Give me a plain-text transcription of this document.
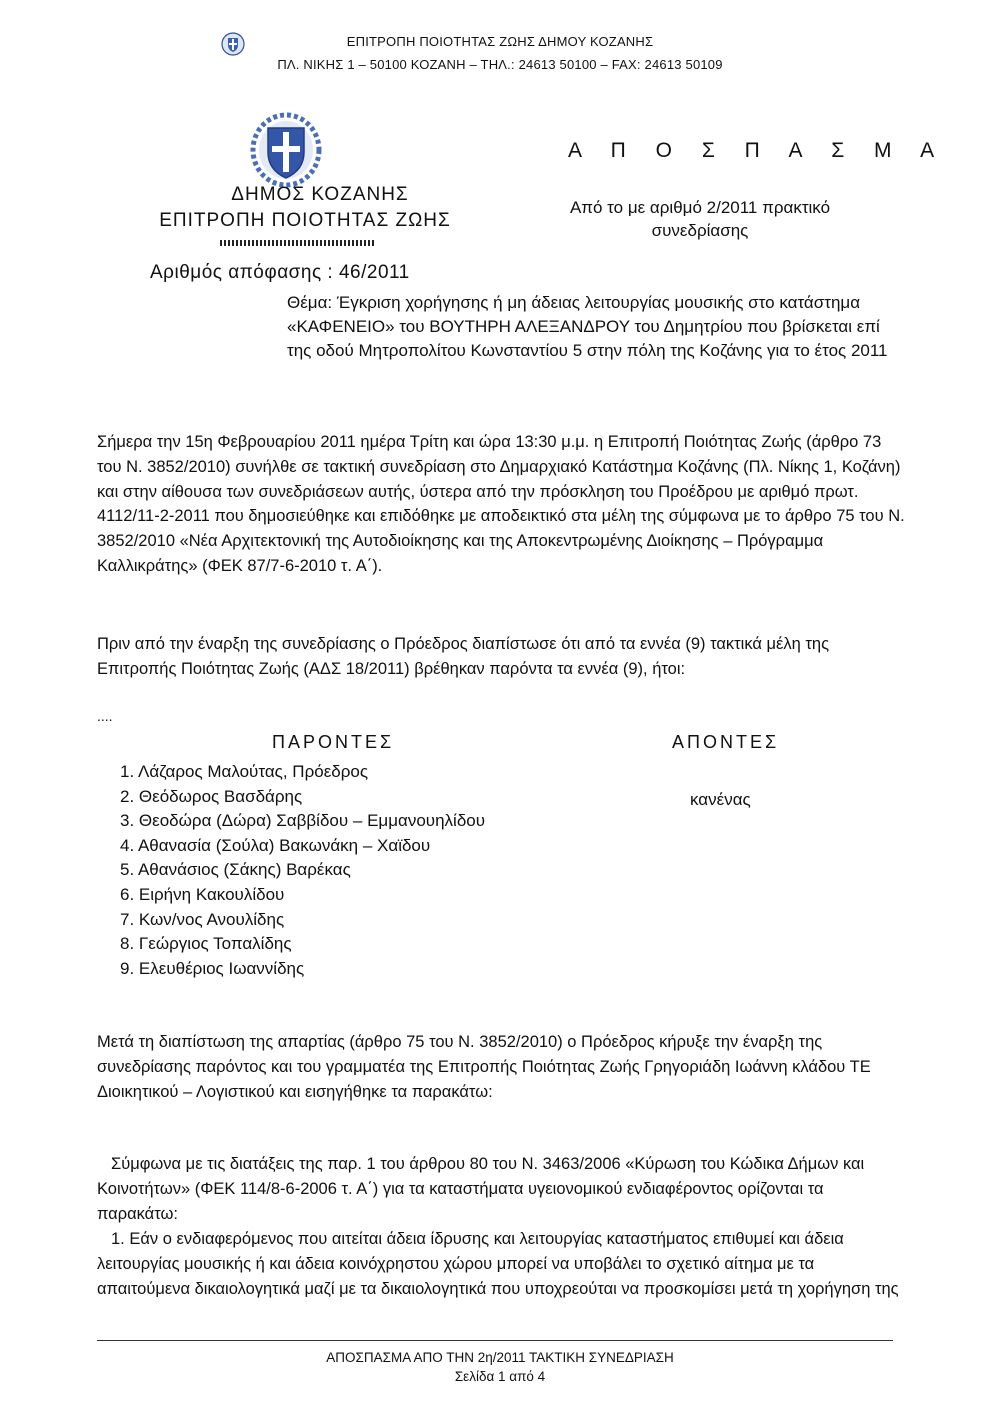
ΕΠΙΤΡΟΠΗ ΠΟΙΟΤΗΤΑΣ ΖΩΗΣ ΔΗΜΟΥ ΚΟΖΑΝΗΣ
ΠΛ. ΝΙΚΗΣ 1 – 50100 ΚΟΖΑΝΗ – ΤΗΛ.: 24613 50100 – FAX: 24613 50109
ΔΗΜΟΣ ΚΟΖΑΝΗΣ
ΕΠΙΤΡΟΠΗ ΠΟΙΟΤΗΤΑΣ ΖΩΗΣ
Αριθμός απόφασης : 46/2011
Α Π Ο Σ Π Α Σ Μ Α
Από το με αριθμό 2/2011 πρακτικό συνεδρίασης
Θέμα: Έγκριση χορήγησης ή μη άδειας λειτουργίας μουσικής στο κατάστημα «ΚΑΦΕΝΕΙΟ» του ΒΟΥΤΗΡΗ ΑΛΕΞΑΝΔΡΟΥ του Δημητρίου που βρίσκεται επί της οδού Μητροπολίτου Κωνσταντίου 5 στην πόλη της Κοζάνης για το έτος 2011
Σήμερα την 15η Φεβρουαρίου 2011 ημέρα Τρίτη και ώρα 13:30 μ.μ. η Επιτροπή Ποιότητας Ζωής (άρθρο 73 του Ν. 3852/2010) συνήλθε σε τακτική συνεδρίαση στο Δημαρχιακό Κατάστημα Κοζάνης (Πλ. Νίκης 1, Κοζάνη) και στην αίθουσα των συνεδριάσεων αυτής, ύστερα από την πρόσκληση του Προέδρου με αριθμό πρωτ. 4112/11-2-2011 που δημοσιεύθηκε και επιδόθηκε με αποδεικτικό στα μέλη της σύμφωνα με το άρθρο 75 του Ν. 3852/2010 «Νέα Αρχιτεκτονική της Αυτοδιοίκησης και της Αποκεντρωμένης Διοίκησης – Πρόγραμμα Καλλικράτης» (ΦΕΚ 87/7-6-2010 τ. Α΄).
Πριν από την έναρξη της συνεδρίασης ο Πρόεδρος διαπίστωσε ότι από τα εννέα (9) τακτικά μέλη της Επιτροπής Ποιότητας Ζωής (ΑΔΣ 18/2011) βρέθηκαν παρόντα τα εννέα (9), ήτοι:
....
ΠΑΡΟΝΤΕΣ	ΑΠΟΝΤΕΣ

1. Λάζαρος Μαλούτας, Πρόεδρος

2. Θεόδωρος Βασδάρης

3. Θεοδώρα (Δώρα) Σαββίδου – Εμμανουηλίδου

4. Αθανασία (Σούλα) Βακωνάκη – Χαϊδου

5. Αθανάσιος (Σάκης) Βαρέκας

6. Ειρήνη Κακουλίδου

7. Κων/νος Ανουλίδης

8. Γεώργιος Τοπαλίδης

9. Ελευθέριος Ιωαννίδης

κανένας
Μετά τη διαπίστωση της απαρτίας (άρθρο 75 του Ν. 3852/2010) ο Πρόεδρος κήρυξε την έναρξη της συνεδρίασης παρόντος και του γραμματέα της Επιτροπής Ποιότητας Ζωής Γρηγοριάδη Ιωάννη κλάδου ΤΕ Διοικητικού – Λογιστικού και εισηγήθηκε τα παρακάτω:
Σύμφωνα με τις διατάξεις της παρ. 1 του άρθρου 80 του Ν. 3463/2006 «Κύρωση του Κώδικα Δήμων και Κοινοτήτων» (ΦΕΚ 114/8-6-2006 τ. Α΄) για τα καταστήματα υγειονομικού ενδιαφέροντος ορίζονται τα παρακάτω:
1. Εάν ο ενδιαφερόμενος που αιτείται άδεια ίδρυσης και λειτουργίας καταστήματος επιθυμεί και άδεια λειτουργίας μουσικής ή και άδεια κοινόχρηστου χώρου μπορεί να υποβάλει το σχετικό αίτημα με τα απαιτούμενα δικαιολογητικά μαζί με τα δικαιολογητικά που υποχρεούται να προσκομίσει μετά τη χορήγηση της
ΑΠΟΣΠΑΣΜΑ ΑΠΟ ΤΗΝ 2η/2011 ΤΑΚΤΙΚΗ ΣΥΝΕΔΡΙΑΣΗ
Σελίδα 1 από 4
